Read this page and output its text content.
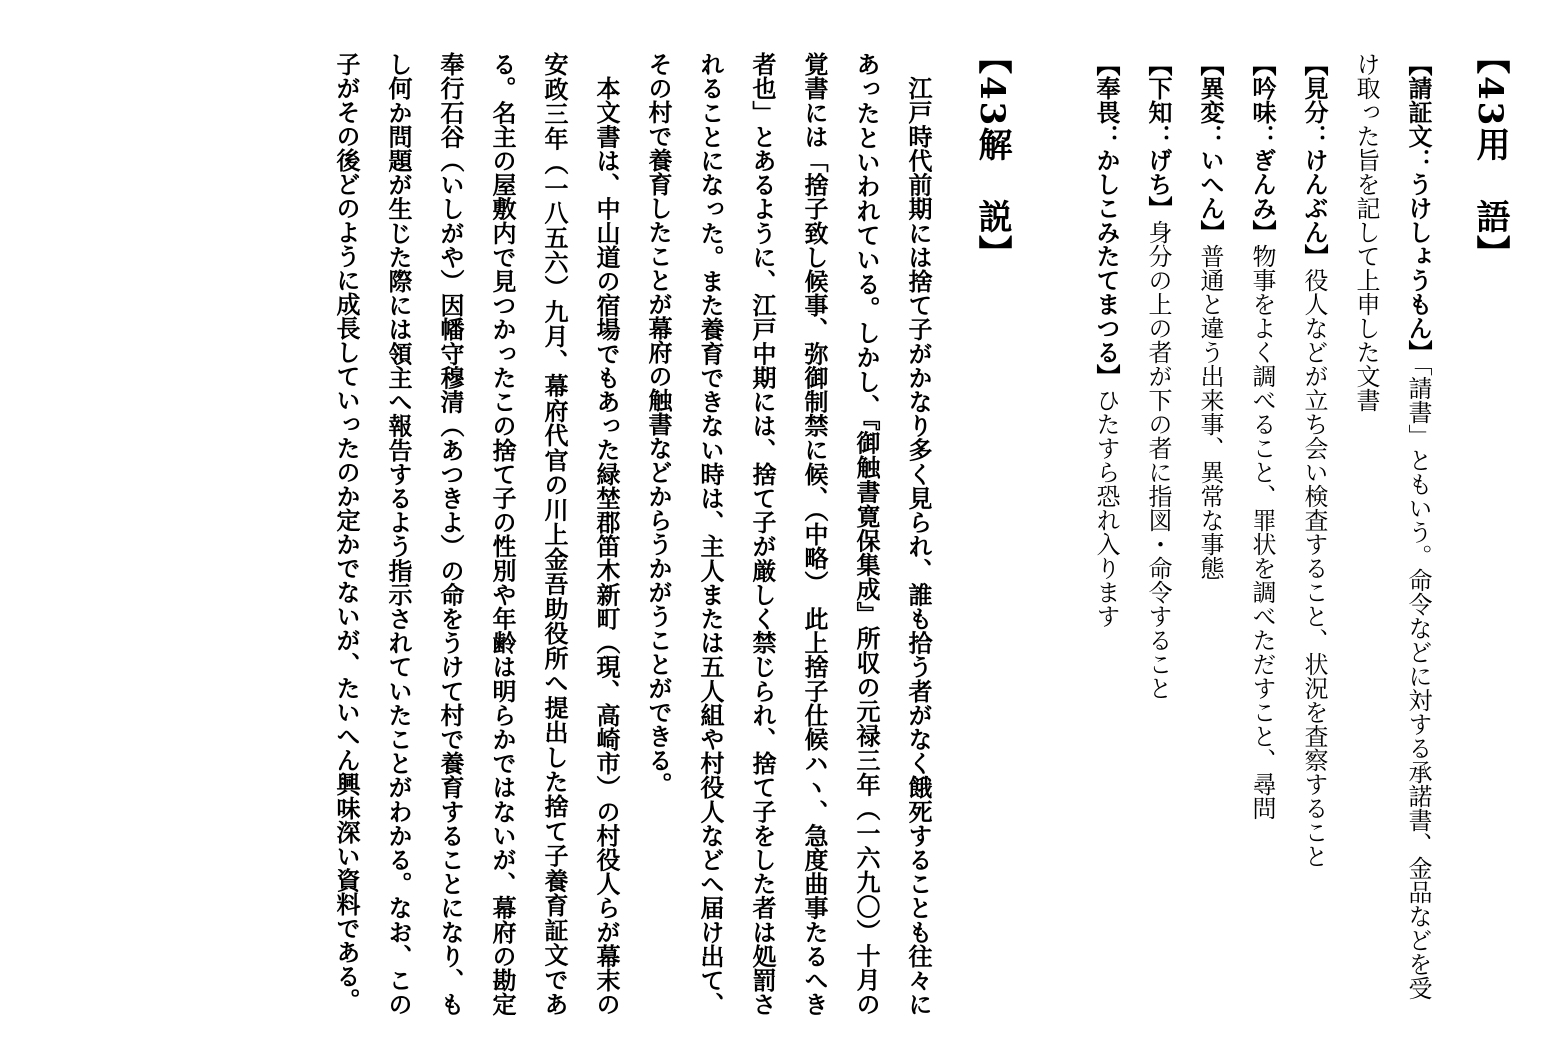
【43用　語】
【請証文：うけしょうもん】「請書」ともいう。命令などに対する承諾書、金品などを受け取った旨を記して上申した文書
【見分：けんぶん】役人などが立ち会い検査すること、状況を査察すること
【吟味：ぎんみ】物事をよく調べること、罪状を調べただすこと、尋問
【異変：いへん】普通と違う出来事、異常な事態
【下知：げち】身分の上の者が下の者に指図・命令すること
【奉畏：かしこみたてまつる】ひたすら恐れ入ります
【43解　説】
江戸時代前期には捨て子がかなり多く見られ、誰も拾う者がなく餓死することも往々にあったといわれている。しかし、『御触書寛保集成』所収の元禄三年（一六九〇）十月の覚書には「捨子致し候事、弥御制禁に候、（中略）　此上捨子仕候ハヽ、急度曲事たるへき者也」とあるように、江戸中期には、捨て子が厳しく禁じられ、捨て子をした者は処罰されることになった。また養育できない時は、主人または五人組や村役人などへ届け出て、その村で養育したことが幕府の触書などからうかがうことができる。
本文書は、中山道の宿場でもあった緑埜郡笛木新町（現、高崎市）の村役人らが幕末の安政三年（一八五六）九月、幕府代官の川上金吾助役所へ提出した捨て子養育証文である。名主の屋敷内で見つかったこの捨て子の性別や年齢は明らかではないが、幕府の勘定奉行石谷（いしがや）因幡守穆清（あつきよ）の命をうけて村で養育することになり、もし何か問題が生じた際には領主へ報告するよう指示されていたことがわかる。なお、この子がその後どのように成長していったのか定かでないが、たいへん興味深い資料である。
